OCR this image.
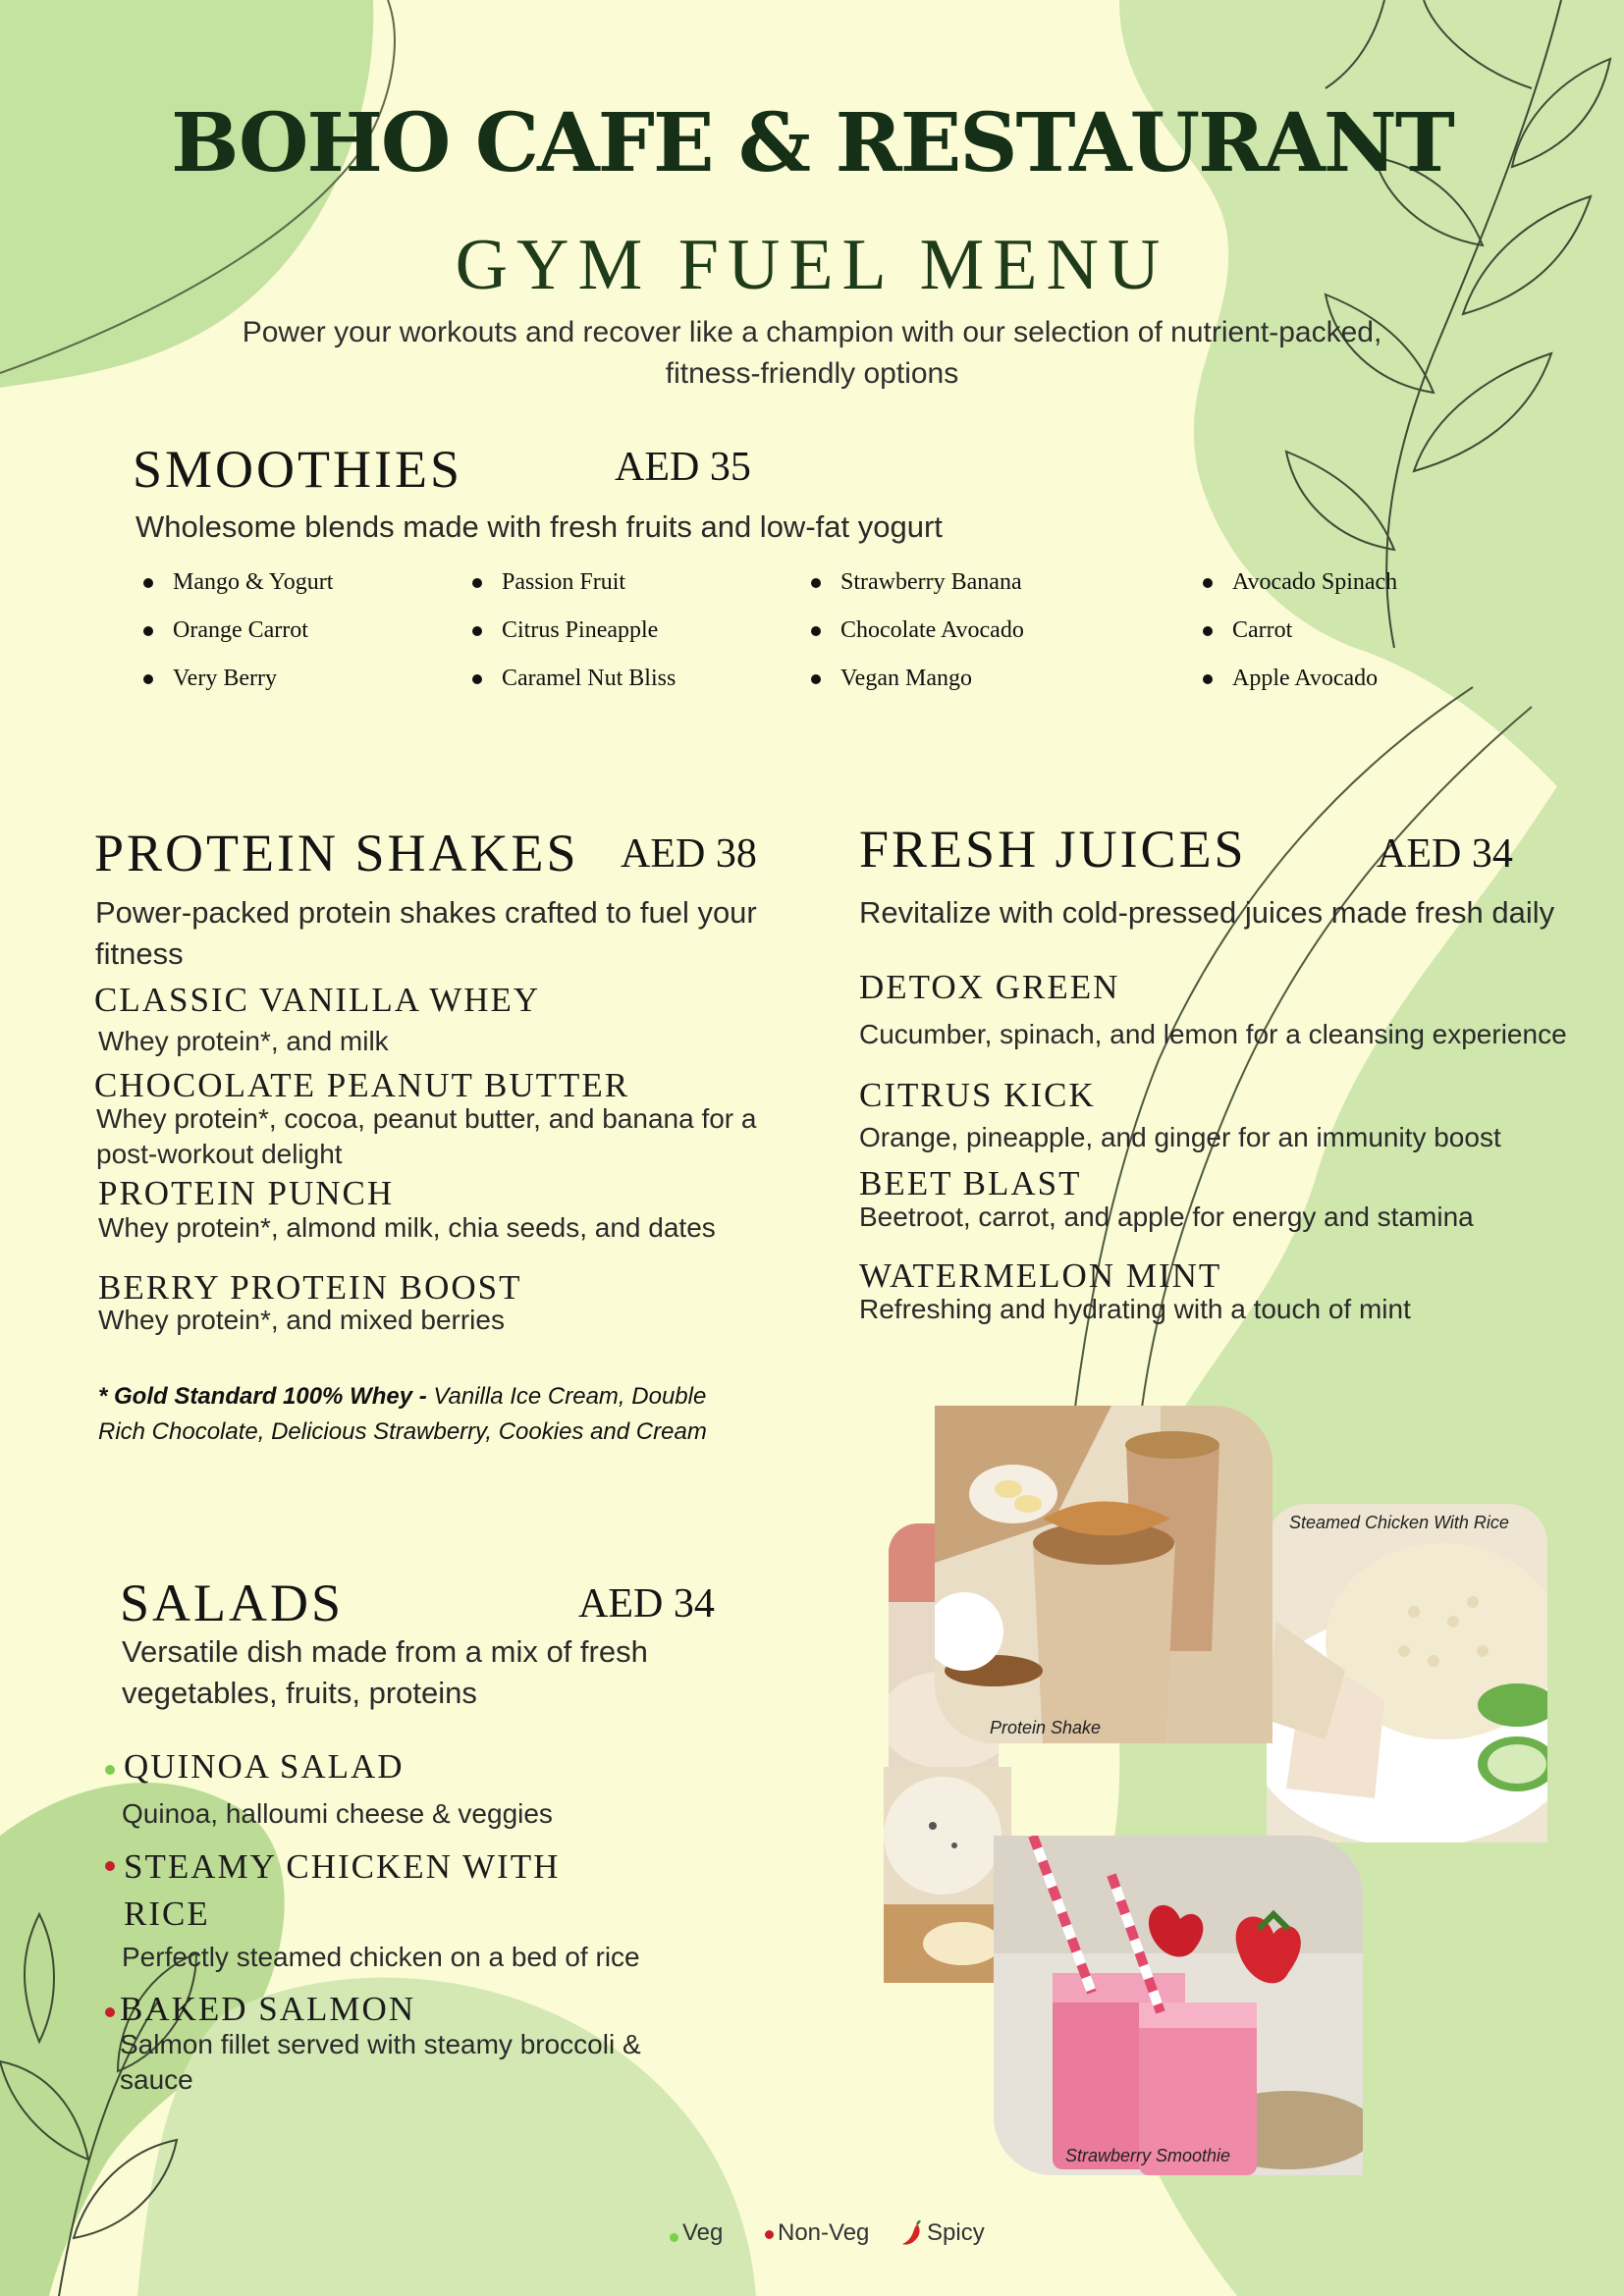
BOHO CAFE & RESTAURANT
GYM FUEL MENU
Power your workouts and recover like a champion with our selection of nutrient-packed, fitness-friendly options
SMOOTHIES	AED 35
Wholesome blends made with fresh fruits and low-fat yogurt
Mango & Yogurt
Orange Carrot
Very Berry
Passion Fruit
Citrus Pineapple
Caramel Nut Bliss
Strawberry Banana
Chocolate Avocado
Vegan Mango
Avocado Spinach
Carrot
Apple Avocado
PROTEIN SHAKES AED 38
Power-packed protein shakes crafted to fuel your fitness
CLASSIC VANILLA WHEY
Whey protein*, and milk
CHOCOLATE PEANUT BUTTER
Whey protein*, cocoa, peanut butter, and banana for a post-workout delight
PROTEIN PUNCH
Whey protein*, almond milk, chia seeds, and dates
BERRY PROTEIN BOOST
Whey protein*, and mixed berries
* Gold Standard 100% Whey - Vanilla Ice Cream, Double Rich Chocolate, Delicious Strawberry, Cookies and Cream
FRESH JUICES	AED 34
Revitalize with cold-pressed juices made fresh daily
DETOX GREEN
Cucumber, spinach, and lemon for a cleansing experience
CITRUS KICK
Orange, pineapple, and ginger for an immunity boost
BEET BLAST
Beetroot, carrot, and apple for energy and stamina
WATERMELON MINT
Refreshing and hydrating with a touch of mint
SALADS	AED 34
Versatile dish made from a mix of fresh vegetables, fruits, proteins
QUINOA SALAD
Quinoa, halloumi cheese & veggies
STEAMY CHICKEN WITH RICE
Perfectly steamed chicken on a bed of rice
BAKED SALMON
Salmon fillet served with steamy broccoli & sauce
Steamed Chicken With Rice
Protein Shake
Strawberry Smoothie
Veg Non-Veg Spicy
